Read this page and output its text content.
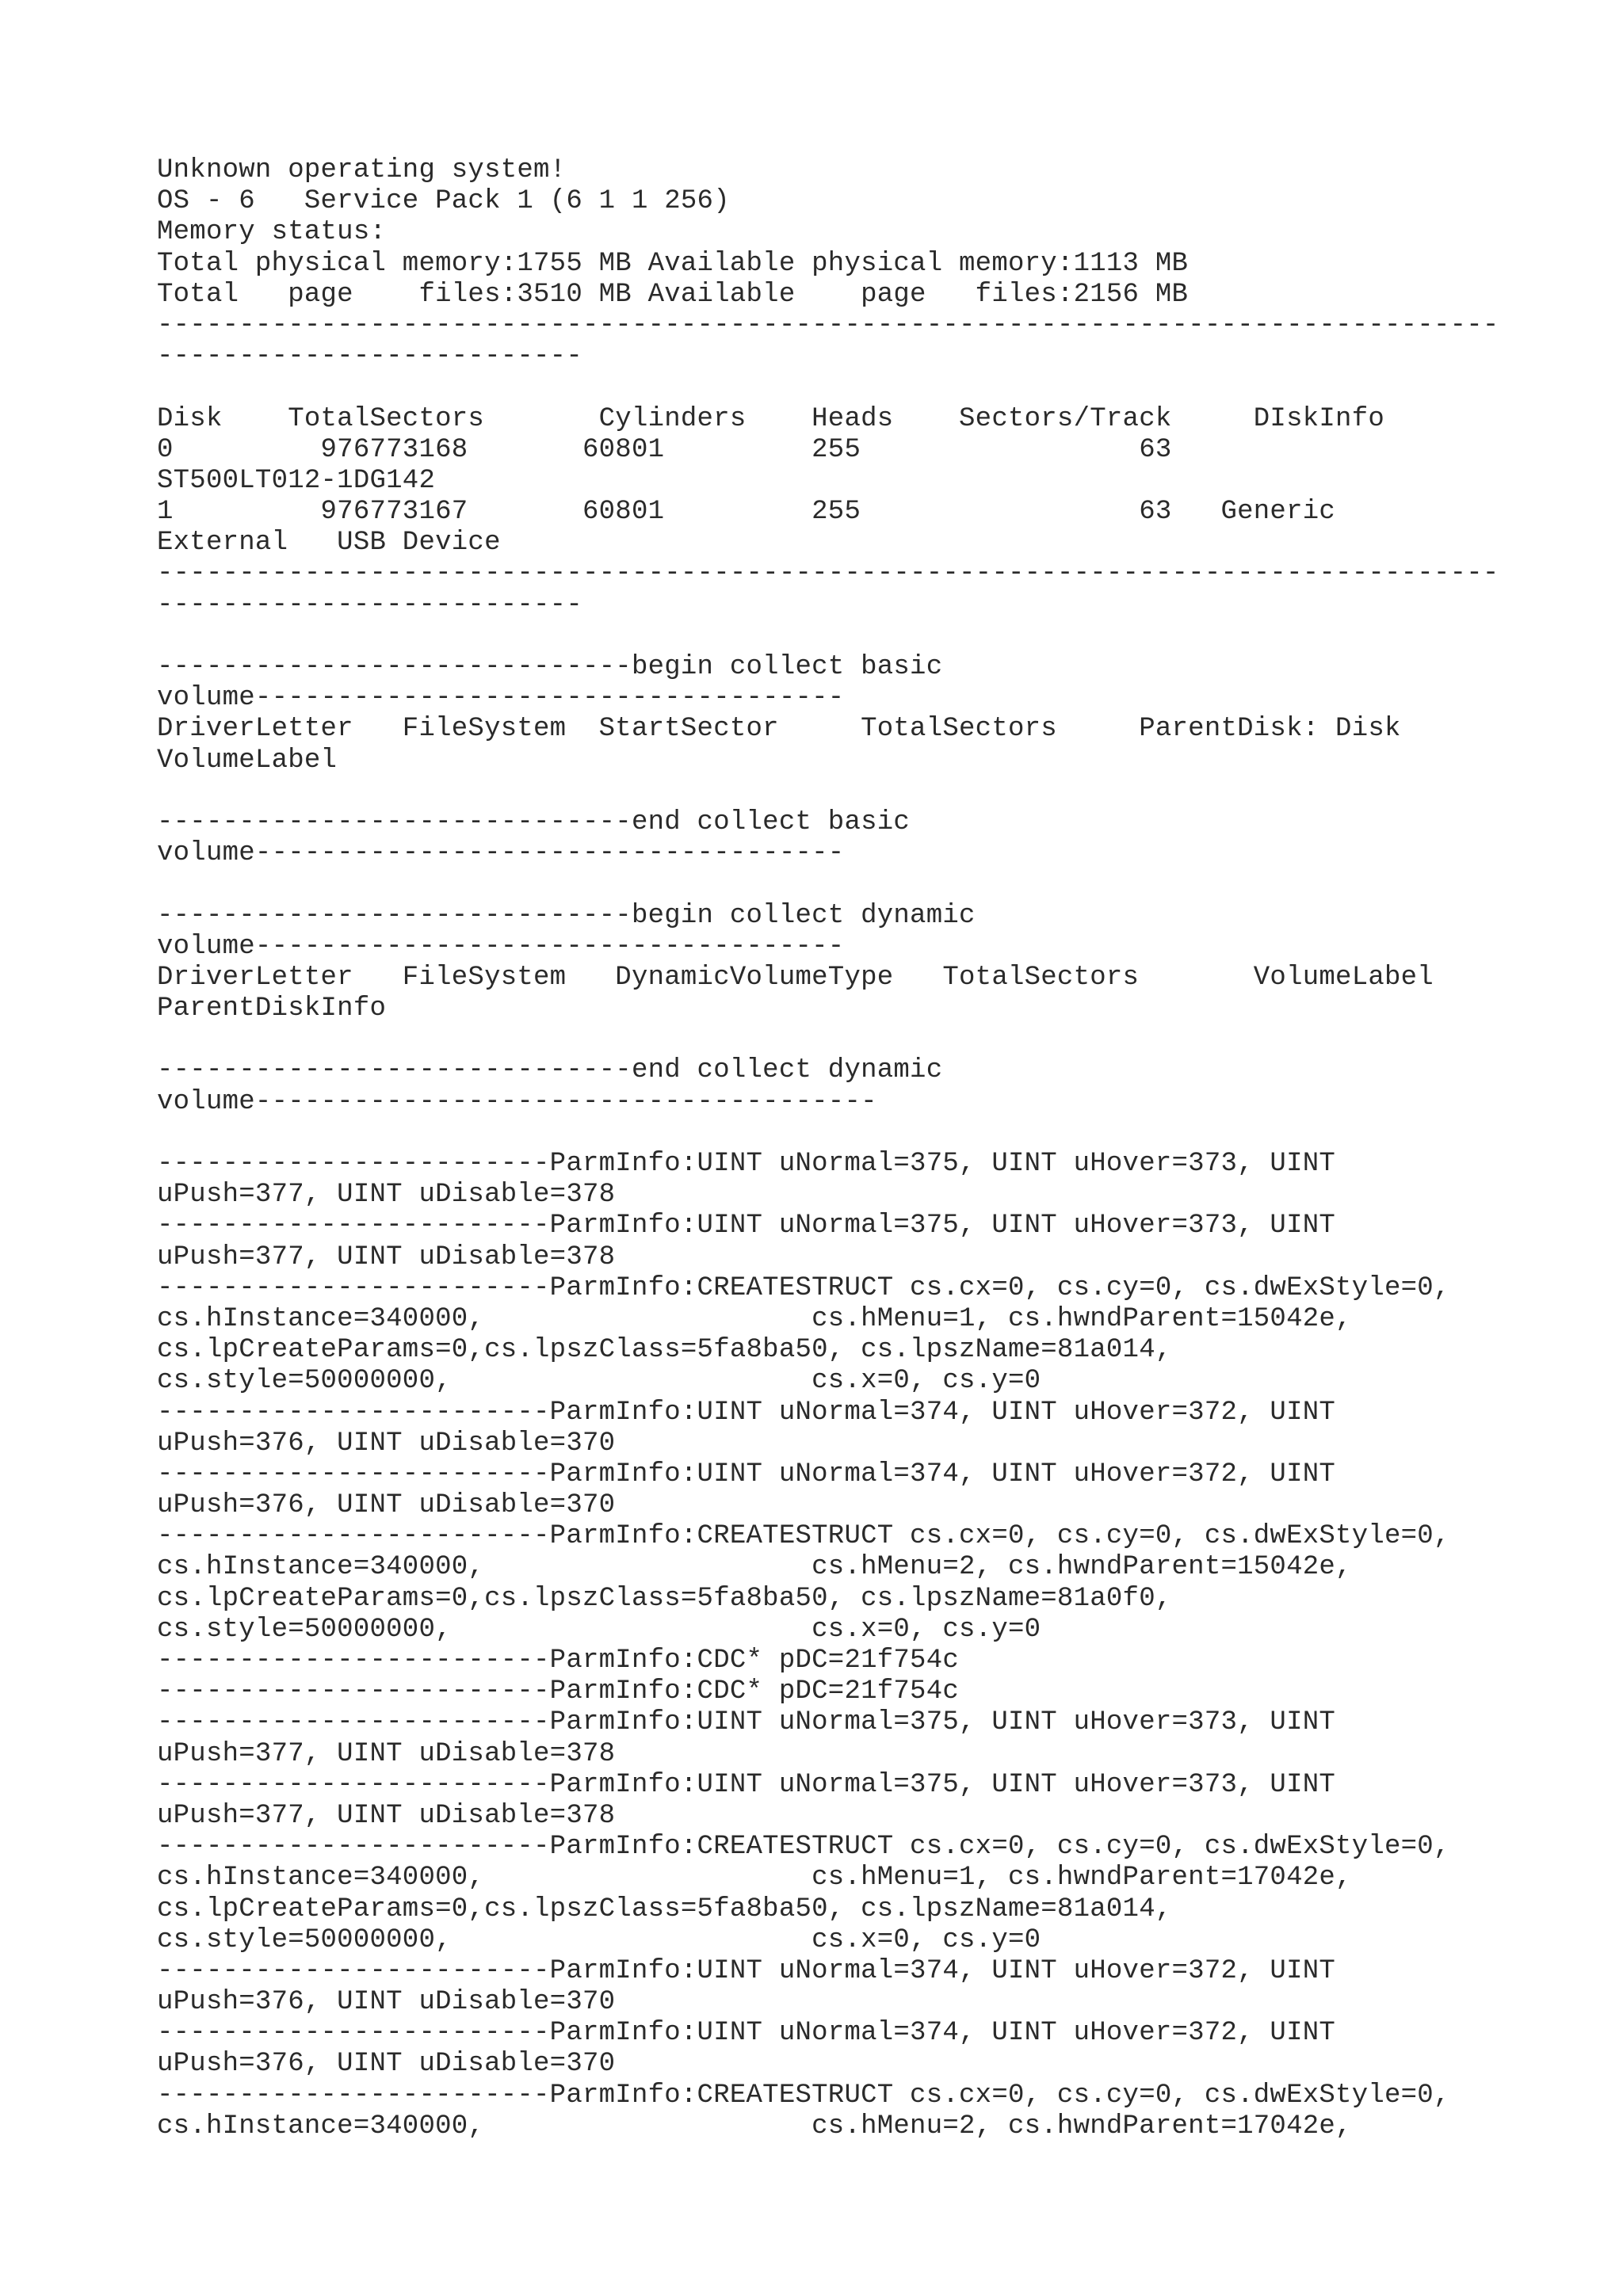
Unknown operating system!
OS - 6   Service Pack 1 (6 1 1 256)
Memory status:
Total physical memory:1755 MB Available physical memory:1113 MB
Total   page    files:3510 MB Available    page   files:2156 MB
----------------------------------------------------------------------------------
--------------------------
Disk    TotalSectors       Cylinders    Heads    Sectors/Track     DIskInfo
0         976773168       60801         255                 63
ST500LT012-1DG142
1         976773167       60801         255                 63   Generic
External   USB Device
----------------------------------------------------------------------------------
--------------------------
-----------------------------begin collect basic
volume------------------------------------
DriverLetter   FileSystem  StartSector     TotalSectors     ParentDisk: Disk
VolumeLabel
-----------------------------end collect basic
volume------------------------------------
-----------------------------begin collect dynamic
volume------------------------------------
DriverLetter   FileSystem   DynamicVolumeType   TotalSectors       VolumeLabel
ParentDiskInfo
-----------------------------end collect dynamic
volume--------------------------------------
------------------------ParmInfo:UINT uNormal=375, UINT uHover=373, UINT
uPush=377, UINT uDisable=378
------------------------ParmInfo:UINT uNormal=375, UINT uHover=373, UINT
uPush=377, UINT uDisable=378
------------------------ParmInfo:CREATESTRUCT cs.cx=0, cs.cy=0, cs.dwExStyle=0,
cs.hInstance=340000,                    cs.hMenu=1, cs.hwndParent=15042e,
cs.lpCreateParams=0,cs.lpszClass=5fa8ba50, cs.lpszName=81a014,
cs.style=50000000,                      cs.x=0, cs.y=0
------------------------ParmInfo:UINT uNormal=374, UINT uHover=372, UINT
uPush=376, UINT uDisable=370
------------------------ParmInfo:UINT uNormal=374, UINT uHover=372, UINT
uPush=376, UINT uDisable=370
------------------------ParmInfo:CREATESTRUCT cs.cx=0, cs.cy=0, cs.dwExStyle=0,
cs.hInstance=340000,                    cs.hMenu=2, cs.hwndParent=15042e,
cs.lpCreateParams=0,cs.lpszClass=5fa8ba50, cs.lpszName=81a0f0,
cs.style=50000000,                      cs.x=0, cs.y=0
------------------------ParmInfo:CDC* pDC=21f754c
------------------------ParmInfo:CDC* pDC=21f754c
------------------------ParmInfo:UINT uNormal=375, UINT uHover=373, UINT
uPush=377, UINT uDisable=378
------------------------ParmInfo:UINT uNormal=375, UINT uHover=373, UINT
uPush=377, UINT uDisable=378
------------------------ParmInfo:CREATESTRUCT cs.cx=0, cs.cy=0, cs.dwExStyle=0,
cs.hInstance=340000,                    cs.hMenu=1, cs.hwndParent=17042e,
cs.lpCreateParams=0,cs.lpszClass=5fa8ba50, cs.lpszName=81a014,
cs.style=50000000,                      cs.x=0, cs.y=0
------------------------ParmInfo:UINT uNormal=374, UINT uHover=372, UINT
uPush=376, UINT uDisable=370
------------------------ParmInfo:UINT uNormal=374, UINT uHover=372, UINT
uPush=376, UINT uDisable=370
------------------------ParmInfo:CREATESTRUCT cs.cx=0, cs.cy=0, cs.dwExStyle=0,
cs.hInstance=340000,                    cs.hMenu=2, cs.hwndParent=17042e,
